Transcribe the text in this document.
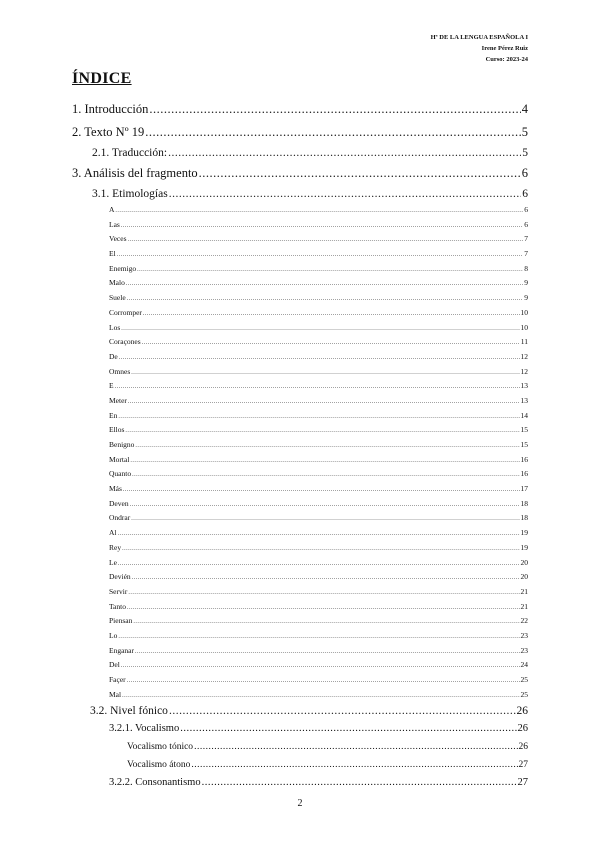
Hª DE LA LENGUA ESPAÑOLA I
Irene Pérez Ruiz
Curso: 2023-24
ÍNDICE
1. Introducción .....	4
2. Texto Nº 19 .....	5
2.1. Traducción: .....	5
3. Análisis del fragmento .....	6
3.1. Etimologías .....	6
A .....	6
Las .....	6
Veces .....	7
El .....	7
Enemigo .....	8
Malo .....	9
Suele .....	9
Corromper .....	10
Los .....	10
Coraçones .....	11
De .....	12
Omnes .....	12
E .....	13
Meter .....	13
En .....	14
Ellos .....	15
Benigno .....	15
Mortal .....	16
Quanto .....	16
Más .....	17
Deven .....	18
Ondrar .....	18
Al .....	19
Rey .....	19
Le .....	20
Devién .....	20
Servir .....	21
Tanto .....	21
Piensan .....	22
Lo .....	23
Enganar .....	23
Del .....	24
Façer .....	25
Mal .....	25
3.2. Nivel fónico .....	26
3.2.1. Vocalismo .....	26
Vocalismo tónico .....	26
Vocalismo átono .....	27
3.2.2. Consonantismo .....	27
2
